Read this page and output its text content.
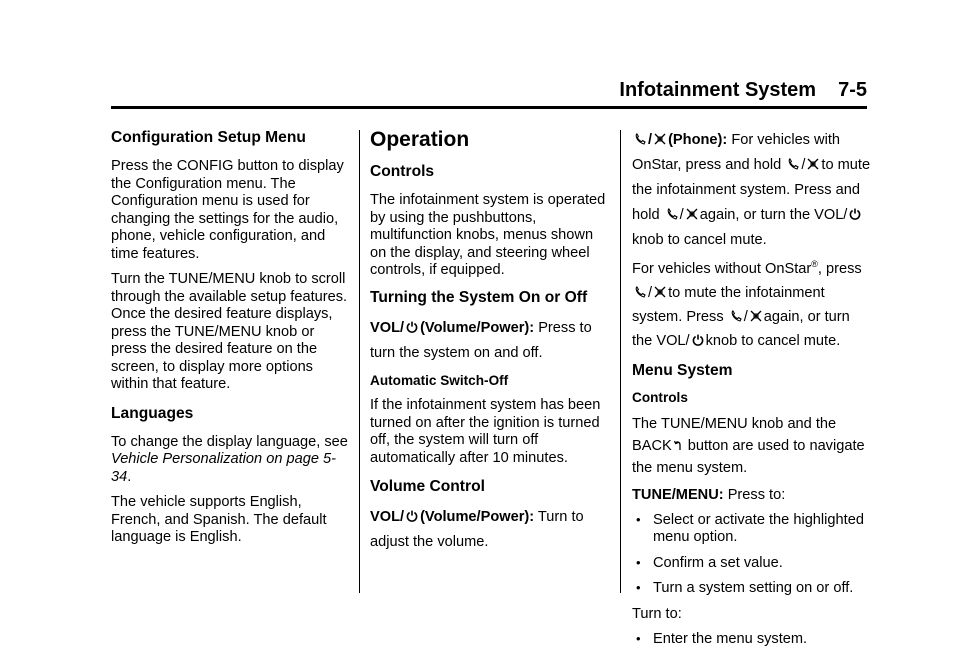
Infotainment System 7-5
Configuration Setup Menu

Press the CONFIG button to display the Configuration menu. The Configuration menu is used for changing the settings for the audio, phone, vehicle configuration, and time features.

Turn the TUNE/MENU knob to scroll through the available setup features. Once the desired feature displays, press the TUNE/MENU knob or press the desired feature on the screen, to display more options within that feature.

Languages

To change the display language, see Vehicle Personalization on page 5-34.

The vehicle supports English, French, and Spanish. The default language is English.

Operation
Controls

The infotainment system is operated by using the pushbuttons, multifunction knobs, menus shown on the display, and steering wheel controls, if equipped.

Turning the System On or Off

VOL/ (Volume/Power): Press to turn the system on and off.

Automatic Switch-Off

If the infotainment system has been turned on after the ignition is turned off, the system will turn off automatically after 10 minutes.

Volume Control

VOL/ (Volume/Power): Turn to adjust the volume.

/ (Phone): For vehicles with OnStar, press and hold / to mute the infotainment system. Press and hold / again, or turn the VOL/
knob to cancel mute.

For vehicles without OnStar®, press
/ to mute the infotainment system. Press / again, or turn the VOL/ knob to cancel mute.

Menu System

Controls

The TUNE/MENU knob and the BACK button are used to navigate the menu system.

TUNE/MENU: Press to:

• Select or activate the highlighted menu option.
• Confirm a set value.
• Turn a system setting on or off.

Turn to:

• Enter the menu system.
